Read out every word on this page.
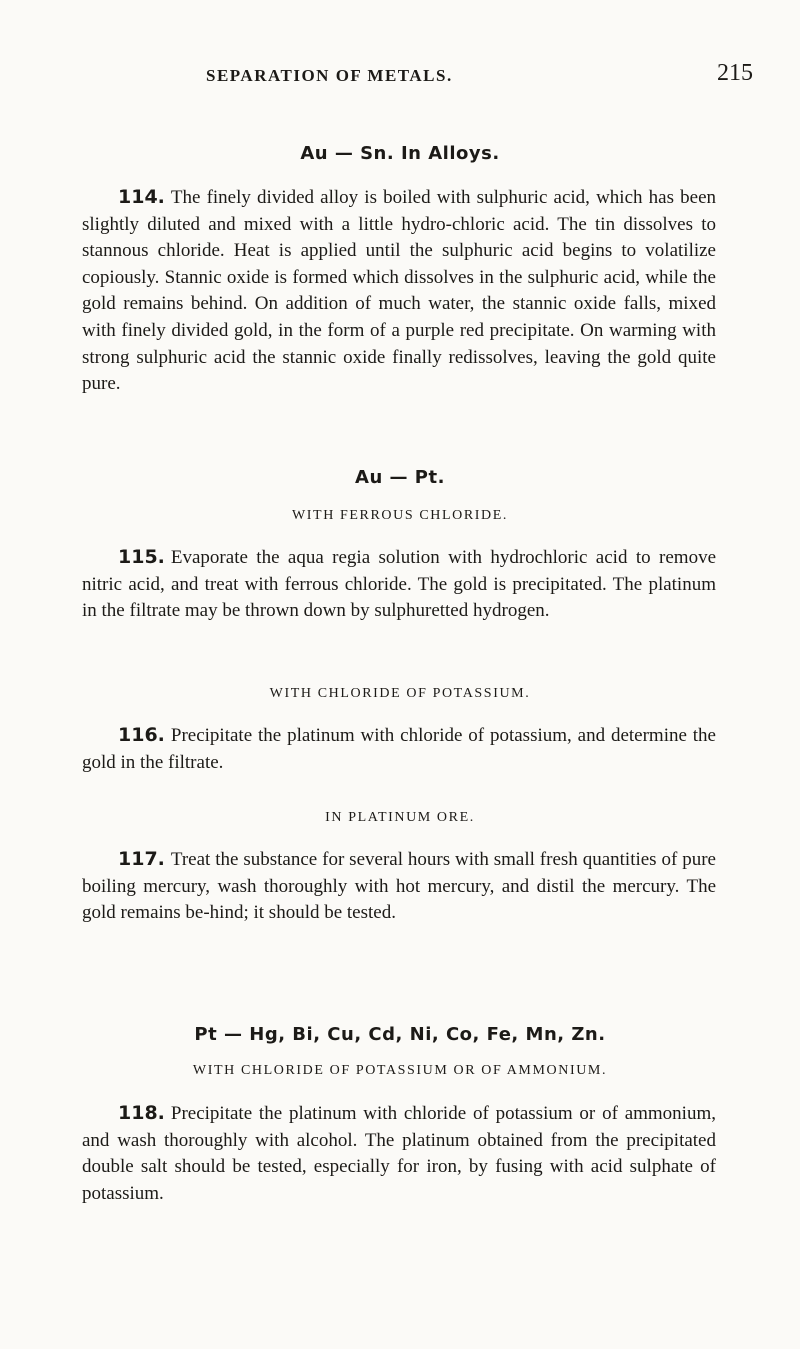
SEPARATION OF METALS.	215
Au — Sn. In Alloys.
114. The finely divided alloy is boiled with sulphuric acid, which has been slightly diluted and mixed with a little hydro-chloric acid. The tin dissolves to stannous chloride. Heat is applied until the sulphuric acid begins to volatilize copiously. Stannic oxide is formed which dissolves in the sulphuric acid, while the gold remains behind. On addition of much water, the stannic oxide falls, mixed with finely divided gold, in the form of a purple red precipitate. On warming with strong sulphuric acid the stannic oxide finally redissolves, leaving the gold quite pure.
Au — Pt.
WITH FERROUS CHLORIDE.
115. Evaporate the aqua regia solution with hydrochloric acid to remove nitric acid, and treat with ferrous chloride. The gold is precipitated. The platinum in the filtrate may be thrown down by sulphuretted hydrogen.
WITH CHLORIDE OF POTASSIUM.
116. Precipitate the platinum with chloride of potassium, and determine the gold in the filtrate.
IN PLATINUM ORE.
117. Treat the substance for several hours with small fresh quantities of pure boiling mercury, wash thoroughly with hot mercury, and distil the mercury. The gold remains be-hind; it should be tested.
Pt — Hg, Bi, Cu, Cd, Ni, Co, Fe, Mn, Zn.
WITH CHLORIDE OF POTASSIUM OR OF AMMONIUM.
118. Precipitate the platinum with chloride of potassium or of ammonium, and wash thoroughly with alcohol. The platinum obtained from the precipitated double salt should be tested, especially for iron, by fusing with acid sulphate of potassium.
